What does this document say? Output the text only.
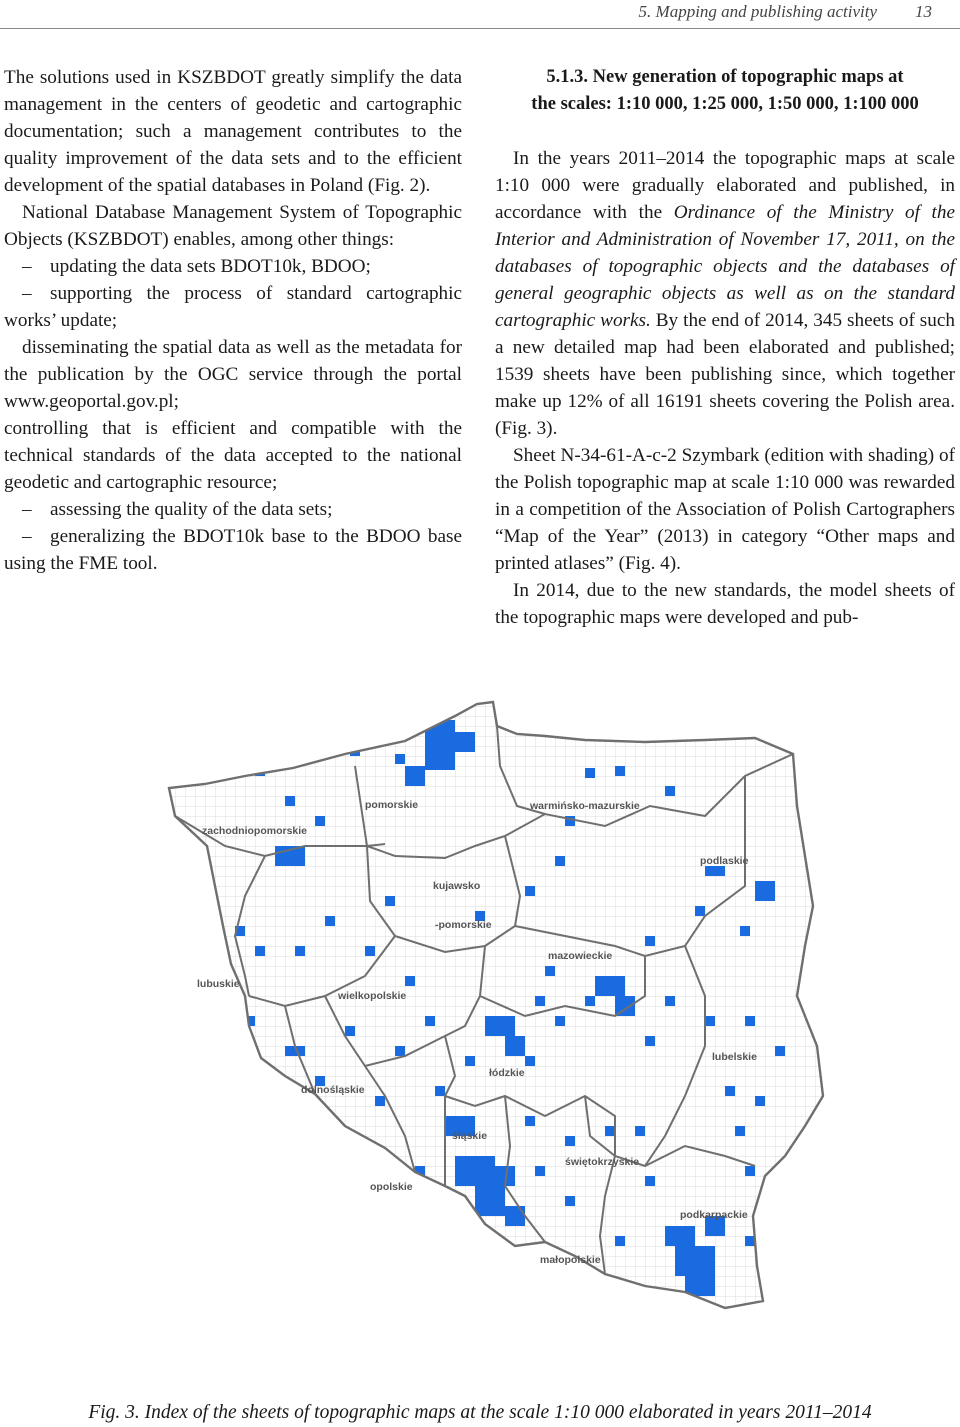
5. Mapping and publishing activity 13

The solutions used in KSZBDOT greatly simplify the data management in the centers of geodetic and cartographic documentation; such a management contributes to the quality improvement of the data sets and to the efficient development of the spatial databases in Poland (Fig. 2).

National Database Management System of Topographic Objects (KSZBDOT) enables, among other things:

– updating the data sets BDOT10k, BDOO;

– supporting the process of standard cartographic works’ update;

disseminating the spatial data as well as the metadata for the publication by the OGC service through the portal www.geoportal.gov.pl;

controlling that is efficient and compatible with the technical standards of the data accepted to the national geodetic and cartographic resource;

– assessing the quality of the data sets;

– generalizing the BDOT10k base to the BDOO base using the FME tool.

5.1.3. New generation of topographic maps at
the scales: 1:10 000, 1:25 000, 1:50 000, 1:100 000

In the years 2011–2014 the topographic maps at scale 1:10 000 were gradually elaborated and published, in accordance with the Ordinance of the Ministry of the Interior and Administration of November 17, 2011, on the databases of topographic objects and the databases of general geographic objects as well as on the standard cartographic works. By the end of 2014, 345 sheets of such a new detailed map had been elaborated and published; 1539 sheets have been publishing since, which together make up 12% of all 16191 sheets covering the Polish area. (Fig. 3).

Sheet N-34-61-A-c-2 Szymbark (edition with shading) of the Polish topographic map at scale 1:10 000 was rewarded in a competition of the Association of Polish Cartographers “Map of the Year” (2013) in category “Other maps and printed atlases” (Fig. 4).

In 2014, due to the new standards, the model sheets of the topographic maps were developed and pub-

pomorskie	warmińsko-mazurskie
zachodniopomorskie
kujawsko
-pomorskie
podlaskie
lubuskie
mazowieckie
wielkopolskie
lubelskie
łódzkie
dolnośląskie
śląskie
świętokrzyskie
opolskie
podkarpackie
małopolskie
Fig. 3. Index of the sheets of topographic maps at the scale 1:10 000 elaborated in years 2011–2014
